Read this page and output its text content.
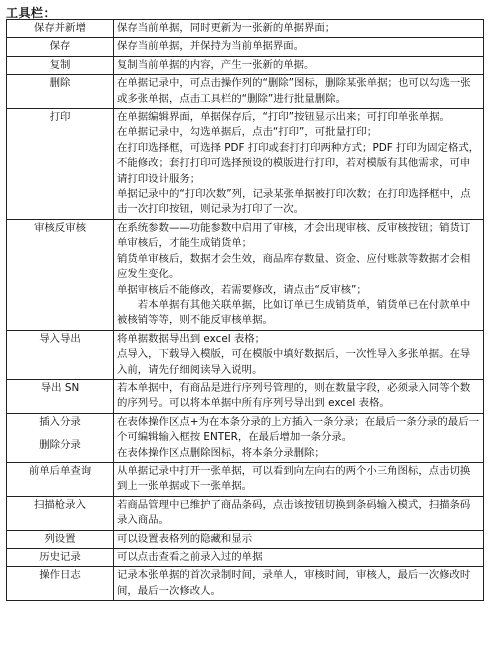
工具栏：
保存并新增	保存当前单据，同时更新为一张新的单据界面；

保存	保存当前单据，并保持为当前单据界面。

复制	复制当前单据的内容，产生一张新的单据。

删除	在单据记录中，可点击操作列的“删除”图标，删除某张单据；也可以勾选一张或多张单据，点击工具栏的“删除”进行批量删除。

打印	在单据编辑界面，单据保存后，“打印”按钮显示出来；可打印单张单据。
在单据记录中，勾选单据后，点击“打印”，可批量打印；
在打印选择框，可选择 PDF 打印或套打打印两种方式；PDF 打印为固定格式，不能修改；套打打印可选择预设的模版进行打印，若对模版有其他需求，可申请打印设计服务；
单据记录中的“打印次数”列，记录某张单据被打印次数；在打印选择框中，点击一次打印按钮，则记录为打印了一次。

审核反审核	在系统参数——功能参数中启用了审核，才会出现审核、反审核按钮；销货订单审核后，才能生成销货单；
销货单审核后，数据才会生效，商品库存数量、资金、应付账款等数据才会相应发生变化。
单据审核后不能修改，若需要修改，请点击“反审核”；
若本单据有其他关联单据，比如订单已生成销货单，销货单已在付款单中被核销等等，则不能反审核单据。

导入导出	将单据数据导出到 excel 表格；
点导入，下载导入模版，可在模版中填好数据后，一次性导入多张单据。在导入前，请先仔细阅读导入说明。

导出 SN	若本单据中，有商品是进行序列号管理的，则在数量字段，必须录入同等个数的序列号。可以将本单据中所有序列号导出到 excel 表格。

插入分录
删除分录	在表体操作区点+为在本条分录的上方插入一条分录；在最后一条分录的最后一个可编辑输入框按 ENTER，在最后增加一条分录。
在表体操作区点删除图标，将本条分录删除；

前单后单查询	从单据记录中打开一张单据，可以看到向左向右的两个小三角图标，点击切换到上一张单据或下一张单据。

扫描枪录入	若商品管理中已维护了商品条码，点击该按钮切换到条码输入模式，扫描条码录入商品。

列设置	可以设置表格列的隐藏和显示

历史记录	可以点击查看之前录入过的单据

操作日志	记录本张单据的首次录制时间，录单人，审核时间，审核人，最后一次修改时间，最后一次修改人。
